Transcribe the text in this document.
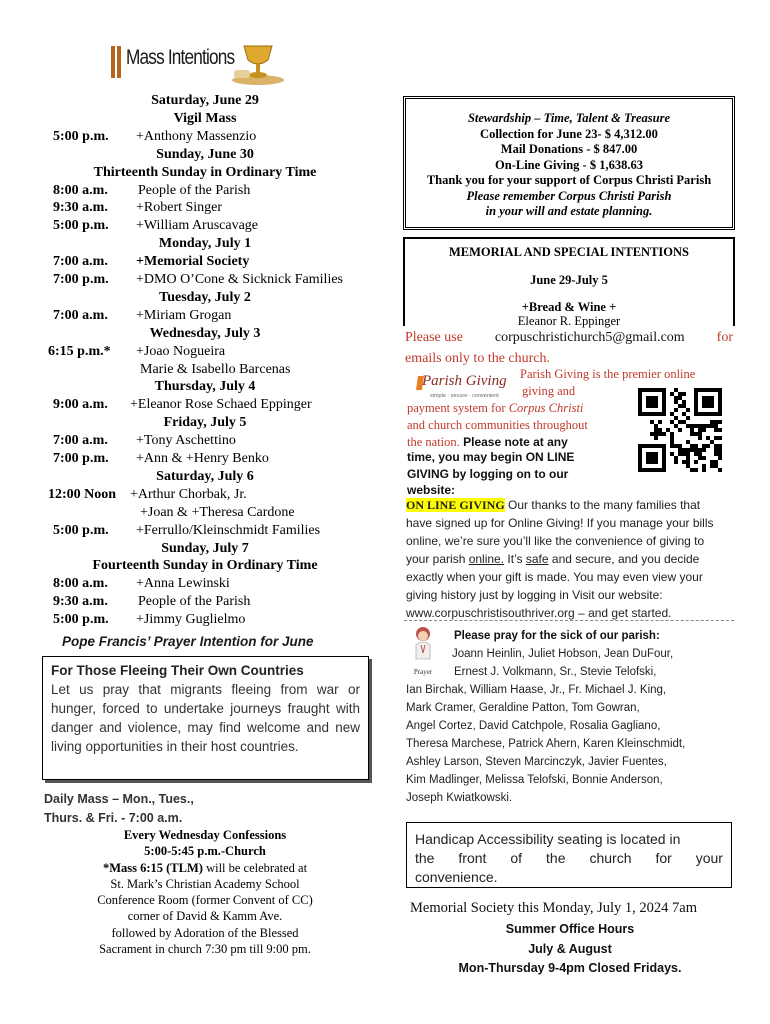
Mass Intentions
Saturday, June 29
Vigil Mass
5:00 p.m. +Anthony Massenzio
Sunday, June 30
Thirteenth Sunday in Ordinary Time
8:00 a.m. People of the Parish
9:30 a.m. +Robert Singer
5:00 p.m. +William Aruscavage
Monday, July 1
7:00 a.m. +Memorial Society
7:00 p.m. +DMO O’Cone & Sicknick Families
Tuesday, July 2
7:00 a.m. +Miriam Grogan
Wednesday, July 3
6:15 p.m.* +Joao Nogueira
Marie & Isabello Barcenas
Thursday, July 4
9:00 a.m. +Eleanor Rose Schaed Eppinger
Friday, July 5
7:00 a.m. +Tony Aschettino
7:00 p.m. +Ann & +Henry Benko
Saturday, July 6
12:00 Noon +Arthur Chorbak, Jr.
+Joan & +Theresa Cardone
5:00 p.m. +Ferrullo/Kleinschmidt Families
Sunday, July 7
Fourteenth Sunday in Ordinary Time
8:00 a.m. +Anna Lewinski
9:30 a.m. People of the Parish
5:00 p.m. +Jimmy Guglielmo
Pope Francis’ Prayer Intention for June
For Those Fleeing Their Own Countries
Let us pray that migrants fleeing from war or hunger, forced to undertake journeys fraught with danger and violence, may find welcome and new living opportunities in their host countries.
Daily Mass – Mon., Tues.,
Thurs. & Fri. - 7:00 a.m.
Every Wednesday Confessions
5:00-5:45 p.m.-Church
*Mass 6:15 (TLM) will be celebrated at
St. Mark’s Christian Academy School
Conference Room (former Convent of CC)
corner of David & Kamm Ave.
followed by Adoration of the Blessed
Sacrament in church 7:30 pm till 9:00 pm.
Stewardship – Time, Talent & Treasure
Collection for June 23- $ 4,312.00
Mail Donations - $ 847.00
On-Line Giving - $ 1,638.63
Thank you for your support of Corpus Christi Parish
Please remember Corpus Christi Parish
in your will and estate planning.
MEMORIAL AND SPECIAL INTENTIONS
June 29-July 5
+Bread & Wine +
Eleanor R. Eppinger
Please use corpuschristichurch5@gmail.com for
emails only to the church.
Parish Giving
simple · secure · convenient
Parish Giving is the premier online
giving and
payment system for Corpus Christi
and church communities throughout
the nation. Please note at any
time, you may begin ON LINE
GIVING by logging on to our
website:
ON LINE GIVING Our thanks to the many families that
have signed up for Online Giving! If you manage your bills
online, we’re sure you’ll like the convenience of giving to
your parish online. It’s safe and secure, and you decide
exactly when your gift is made. You may even view your
giving history just by logging in Visit our website:
www.corpuschristisouthriver.org – and get started.
Prayer
Please pray for the sick of our parish:
Joann Heinlin, Juliet Hobson, Jean DuFour,
Ernest J. Volkmann, Sr., Stevie Telofski,
Ian Birchak, William Haase, Jr., Fr. Michael J. King,
Mark Cramer, Geraldine Patton, Tom Gowran,
Angel Cortez, David Catchpole, Rosalia Gagliano,
Theresa Marchese, Patrick Ahern, Karen Kleinschmidt,
Ashley Larson, Steven Marcinczyk, Javier Fuentes,
Kim Madlinger, Melissa Telofski, Bonnie Anderson,
Joseph Kwiatkowski.
Handicap Accessibility seating is located in
the front of the church for your
convenience.
Memorial Society this Monday, July 1, 2024 7am
Summer Office Hours
July & August
Mon-Thursday 9-4pm Closed Fridays.
